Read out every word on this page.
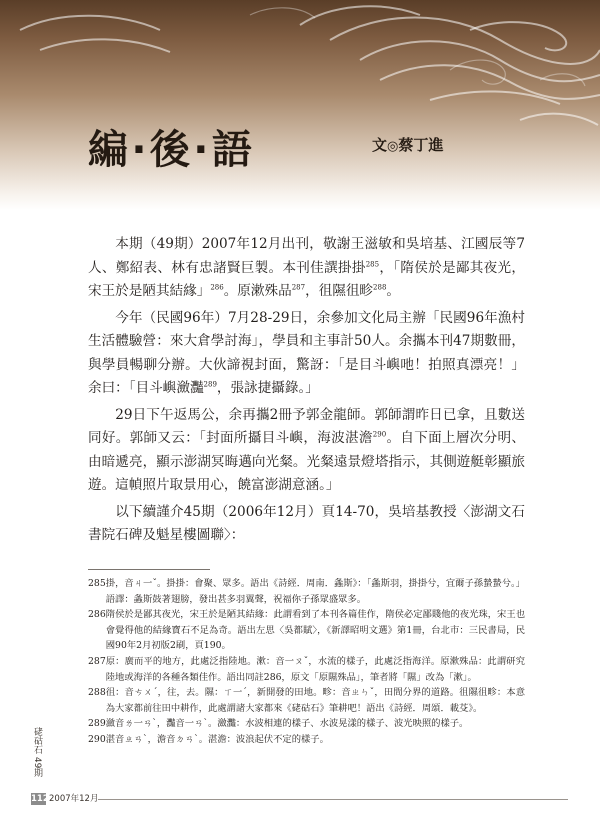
編‧後‧語	文◎蔡丁進

本期（49期）2007年12月出刊，敬謝王滋敏和吳培基、江國辰等7人、鄭紹表、林有忠諸賢巨製。本刊佳譔掛掛$^{285}$，「隋侯於是鄙其夜光，宋王於是陋其結緣」$^{286}$。原漱殊品$^{287}$，徂隰徂畛$^{288}$。

今年（民國96年）7月28-29日，余參加文化局主辦「民國96年漁村生活體驗營：來大倉學討海」，學員和主事計50人。余攜本刊47期數冊，與學員暢聊分辦。大伙諦視封面，驚訝：「是目斗嶼吔！拍照真漂亮！」余曰：「目斗嶼瀲灩$^{289}$，張詠捷攝錄。」

29日下午返馬公，余再攜2冊予郭金龍師。郭師謂昨日已拿，且數送同好。郭師又云：「封面所攝目斗嶼，海波湛澹$^{290}$。自下面上層次分明、由暗遞亮，顯示澎湖冥晦邁向光粲。光粲遠景燈塔指示，其側遊艇彰顯旅遊。這幀照片取景用心，饒富澎湖意涵。」

以下續謹介45期（2006年12月）頁14-70，吳培基教授〈澎湖文石書院石碑及魁星樓圖聯〉：

285 掛，音ㄐ一ˇ。掛掛：會聚、眾多。語出《詩經．周南．螽斯》：「螽斯羽，掛掛兮，宜爾子孫蟄蟄兮。」語譯：螽斯鼓著翅膀，發出甚多羽翼聲，祝福你子孫眾盛眾多。
286 隋侯於是鄙其夜光，宋王於是陋其結緣：此謂看到了本刊各篇佳作，隋侯必定鄙賤他的夜光珠，宋王也會覺得他的結緣寶石不足為奇。語出左思〈吳都賦〉，《新譯昭明文選》第1冊，台北市：三民書局，民國90年2月初版2刷，頁190。
287 原：廣而平的地方，此處泛指陸地。漱：音一ㄡˇ，水流的樣子，此處泛指海洋。原漱殊品：此謂研究陸地或海洋的各種各類佳作。語出同註286，原文「原隰殊品」，筆者將「隰」改為「漱」。
288 徂：音ㄘㄨˊ，往，去。隰：ㄒ一ˊ，新開發的田地。畛：音ㄓㄣˇ，田間分界的道路。徂隰徂畛：本意為大家都前往田中耕作，此處謂諸大家都來《硓𥑮石》筆耕吧！語出《詩經．周頌．載芟》。
289 瀲音ㄌ一ㄢˋ，灩音一ㄢˋ。瀲灩：水波相連的樣子、水波晃漾的樣子、波光映照的樣子。
290 湛音ㄓㄢˋ，澹音ㄉㄢˋ。湛澹：波浪起伏不定的樣子。
硓𥑮石 49期
112 2007年12月
